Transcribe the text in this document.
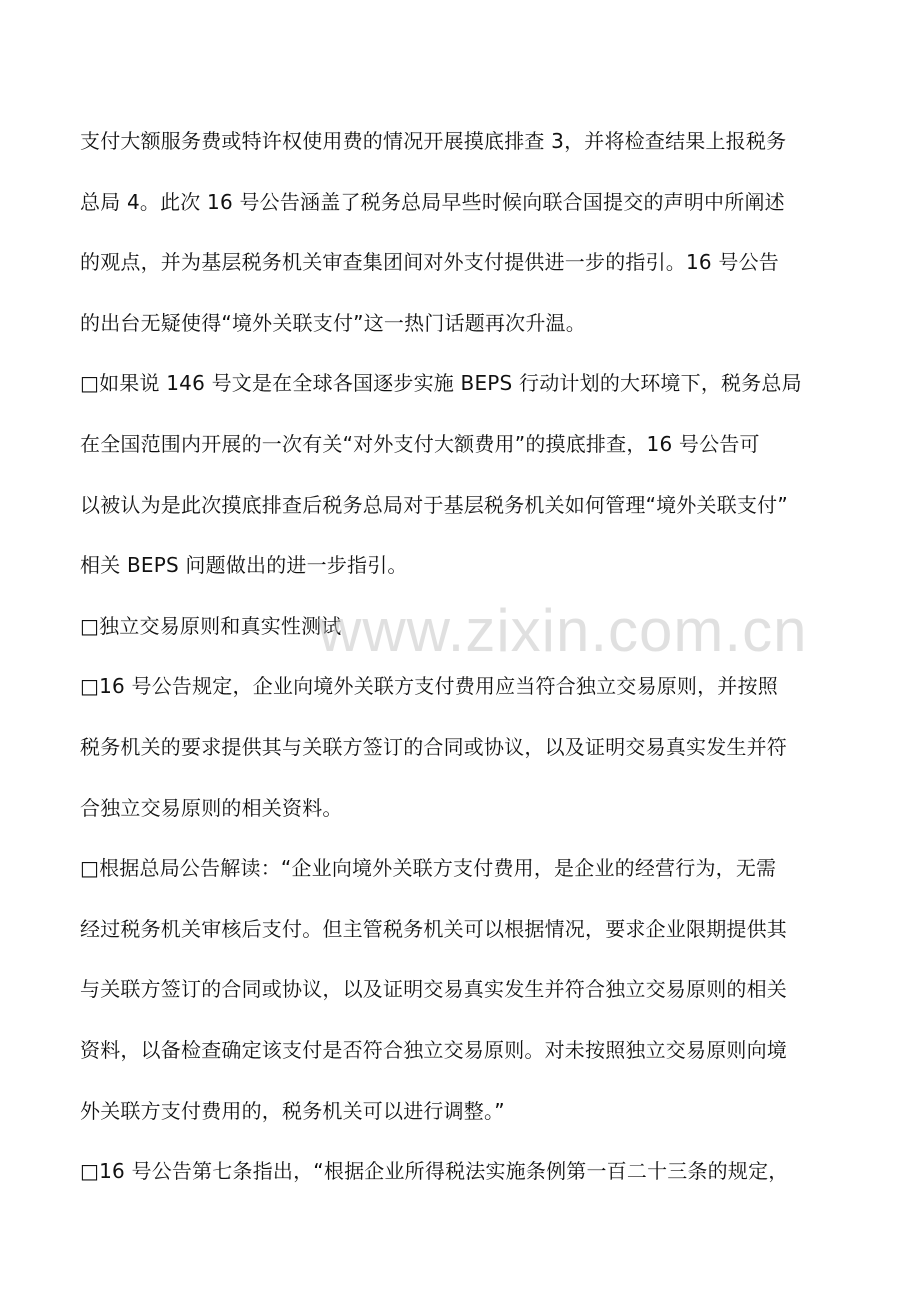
支付大额服务费或特许权使用费的情况开展摸底排查 3，并将检查结果上报税务
总局 4。此次 16 号公告涵盖了税务总局早些时候向联合国提交的声明中所阐述
的观点，并为基层税务机关审查集团间对外支付提供进一步的指引。16 号公告
的出台无疑使得“境外关联支付”这一热门话题再次升温。
□如果说 146 号文是在全球各国逐步实施 BEPS 行动计划的大环境下，税务总局
在全国范围内开展的一次有关“对外支付大额费用”的摸底排查，16 号公告可
以被认为是此次摸底排查后税务总局对于基层税务机关如何管理“境外关联支付”
相关 BEPS 问题做出的进一步指引。
□独立交易原则和真实性测试
□16 号公告规定，企业向境外关联方支付费用应当符合独立交易原则，并按照
税务机关的要求提供其与关联方签订的合同或协议，以及证明交易真实发生并符
合独立交易原则的相关资料。
□根据总局公告解读：“企业向境外关联方支付费用，是企业的经营行为，无需
经过税务机关审核后支付。但主管税务机关可以根据情况，要求企业限期提供其
与关联方签订的合同或协议，以及证明交易真实发生并符合独立交易原则的相关
资料，以备检查确定该支付是否符合独立交易原则。对未按照独立交易原则向境
外关联方支付费用的，税务机关可以进行调整。”
□16 号公告第七条指出，“根据企业所得税法实施条例第一百二十三条的规定，
www.zixin.com.cn
